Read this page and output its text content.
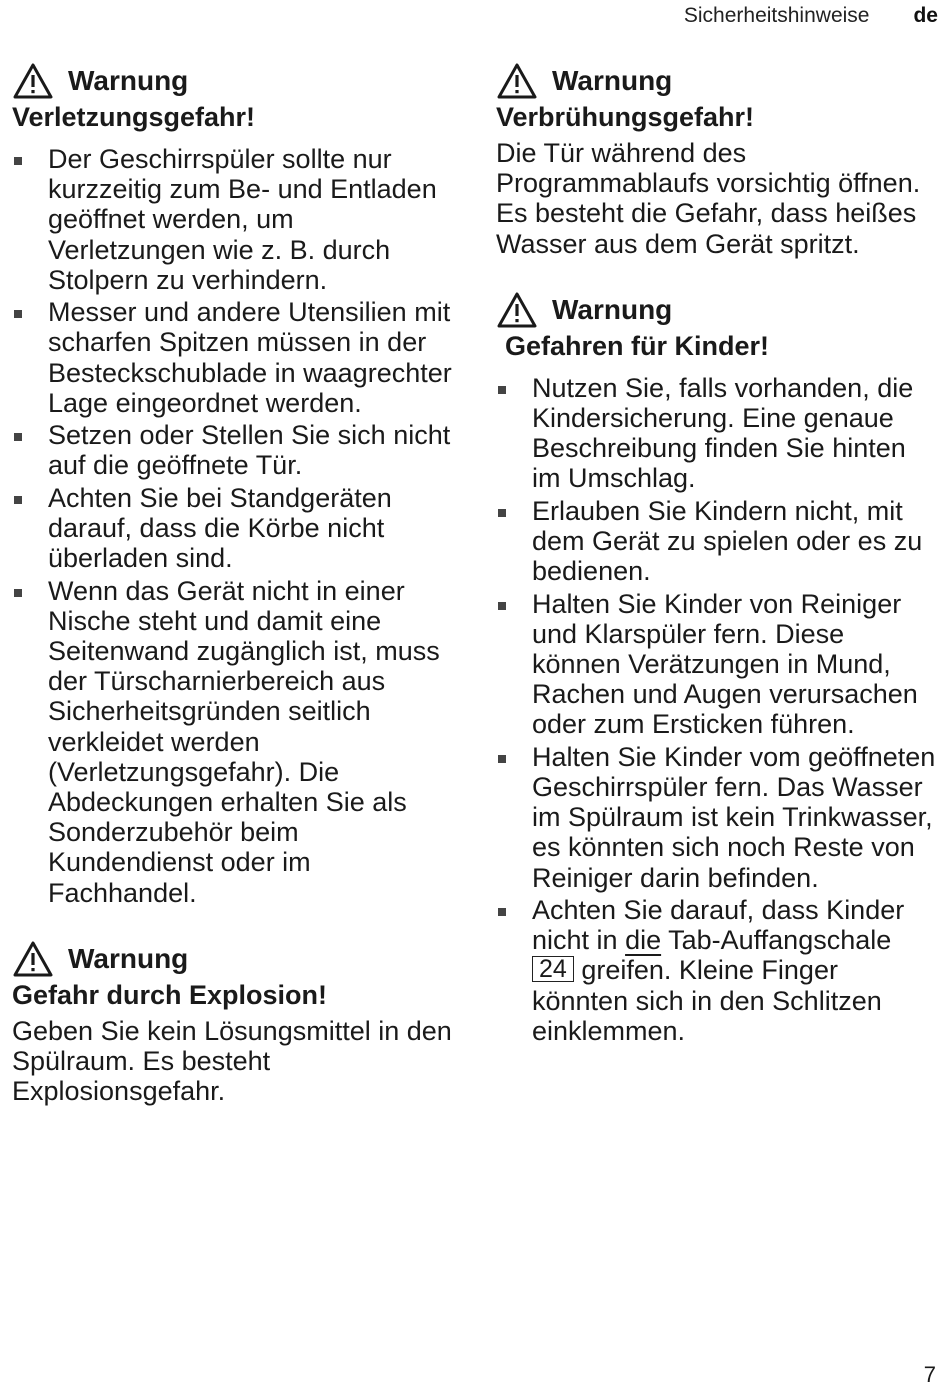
Sicherheitshinweise de
Warnung
Verletzungsgefahr!
Der Geschirrspüler sollte nur kurzzeitig zum Be- und Entladen geöffnet werden, um Verletzungen wie z. B. durch Stolpern zu verhindern.
Messer und andere Utensilien mit scharfen Spitzen müssen in der Besteckschublade in waagrechter Lage eingeordnet werden.
Setzen oder Stellen Sie sich nicht auf die geöffnete Tür.
Achten Sie bei Standgeräten darauf, dass die Körbe nicht überladen sind.
Wenn das Gerät nicht in einer Nische steht und damit eine Seitenwand zugänglich ist, muss der Türscharnierbereich aus Sicherheitsgründen seitlich verkleidet werden (Verletzungsgefahr). Die Abdeckungen erhalten Sie als Sonderzubehör beim Kundendienst oder im Fachhandel.
Warnung
Gefahr durch Explosion!

Geben Sie kein Lösungsmittel in den Spülraum. Es besteht Explosionsgefahr.

Warnung
Verbrühungsgefahr!

Die Tür während des Programmablaufs vorsichtig öffnen. Es besteht die Gefahr, dass heißes Wasser aus dem Gerät spritzt.

Warnung
Gefahren für Kinder!
Nutzen Sie, falls vorhanden, die Kindersicherung. Eine genaue Beschreibung finden Sie hinten im Umschlag.
Erlauben Sie Kindern nicht, mit dem Gerät zu spielen oder es zu bedienen.
Halten Sie Kinder von Reiniger und Klarspüler fern. Diese können Verätzungen in Mund, Rachen und Augen verursachen oder zum Ersticken führen.
Halten Sie Kinder vom geöffneten Geschirrspüler fern. Das Wasser im Spülraum ist kein Trinkwasser, es könnten sich noch Reste von Reiniger darin befinden.
Achten Sie darauf, dass Kinder nicht in die Tab-Auffangschale 24 greifen. Kleine Finger könnten sich in den Schlitzen einklemmen.
7
